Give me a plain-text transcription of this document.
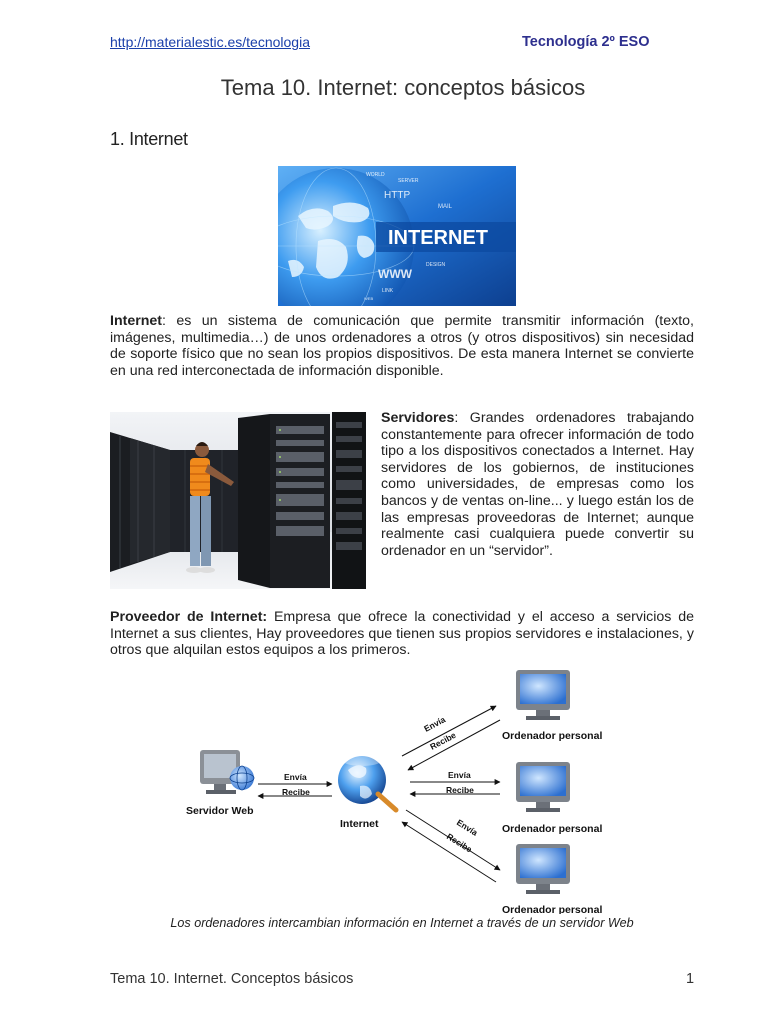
http://materialestic.es/tecnologia	Tecnología 2º ESO
Tema 10. Internet: conceptos básicos
1. Internet
INTERNET
WORLD
SERVER
HTTP
MAIL
DESIGN
WWW
LINK
WEB
Internet: es un sistema de comunicación que permite transmitir información (texto, imágenes, multimedia…) de unos ordenadores a otros (y otros dispositivos) sin necesidad de soporte físico que no sean los propios dispositivos. De esta manera Internet se convierte en una red interconectada de información disponible.
Servidores: Grandes ordenadores trabajando constantemente para ofrecer información de todo tipo a los dispositivos conectados a Internet. Hay servidores de los gobiernos, de instituciones como universidades, de empresas como los bancos y de ventas on-line... y luego están los de las empresas proveedoras de Internet; aunque realmente casi cualquiera puede convertir su ordenador en un “servidor”.
Proveedor de Internet: Empresa que ofrece la conectividad y el acceso a servicios de Internet a sus clientes, Hay proveedores que tienen sus propios servidores e instalaciones, y otros que alquilan estos equipos a los primeros.
Servidor Web
Internet
Envía
Recibe
Ordenador personal
Ordenador personal
Ordenador personal
Envía
Recibe
Envía
Recibe
Envía
Recibe
Los ordenadores intercambian información en Internet a través de un servidor Web
Tema 10. Internet. Conceptos básicos	1
